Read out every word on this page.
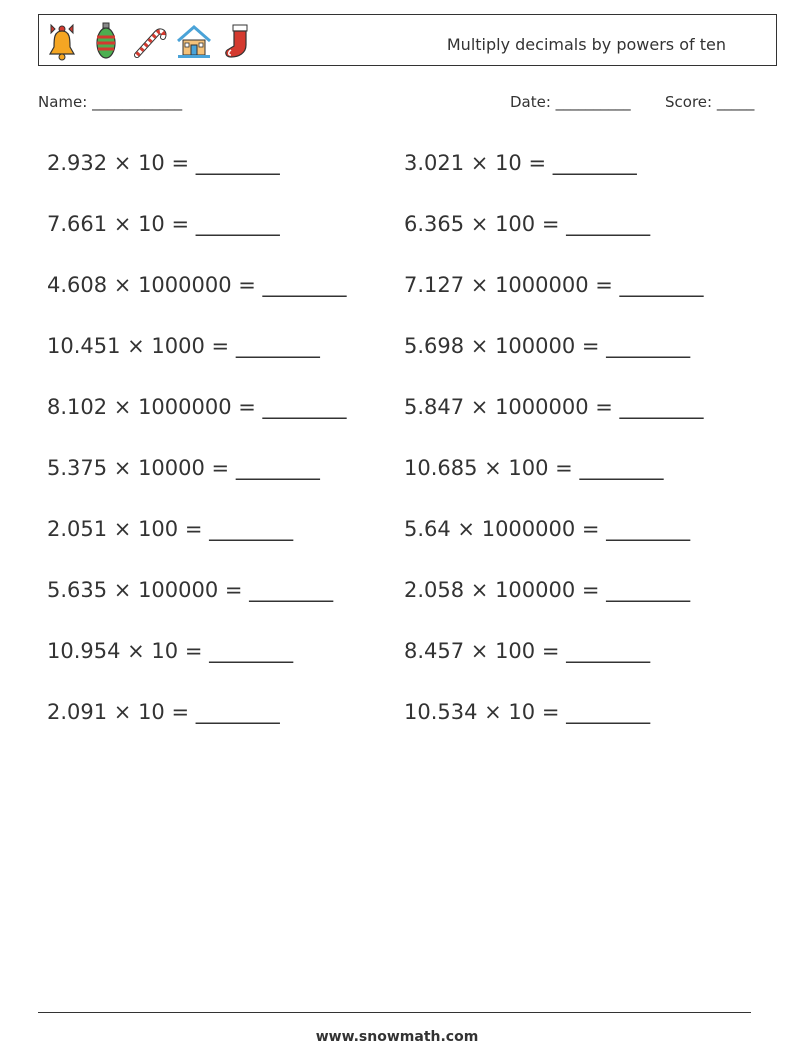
Multiply decimals by powers of ten
Name: ____________	Date: __________ Score: _____
2.932 × 10 = ________	3.021 × 10 = ________
7.661 × 10 = ________	6.365 × 100 = ________
4.608 × 1000000 = ________	7.127 × 1000000 = ________
10.451 × 1000 = ________	5.698 × 100000 = ________
8.102 × 1000000 = ________	5.847 × 1000000 = ________
5.375 × 10000 = ________	10.685 × 100 = ________
2.051 × 100 = ________	5.64 × 1000000 = ________
5.635 × 100000 = ________	2.058 × 100000 = ________
10.954 × 10 = ________	8.457 × 100 = ________
2.091 × 10 = ________	10.534 × 10 = ________
www.snowmath.com
